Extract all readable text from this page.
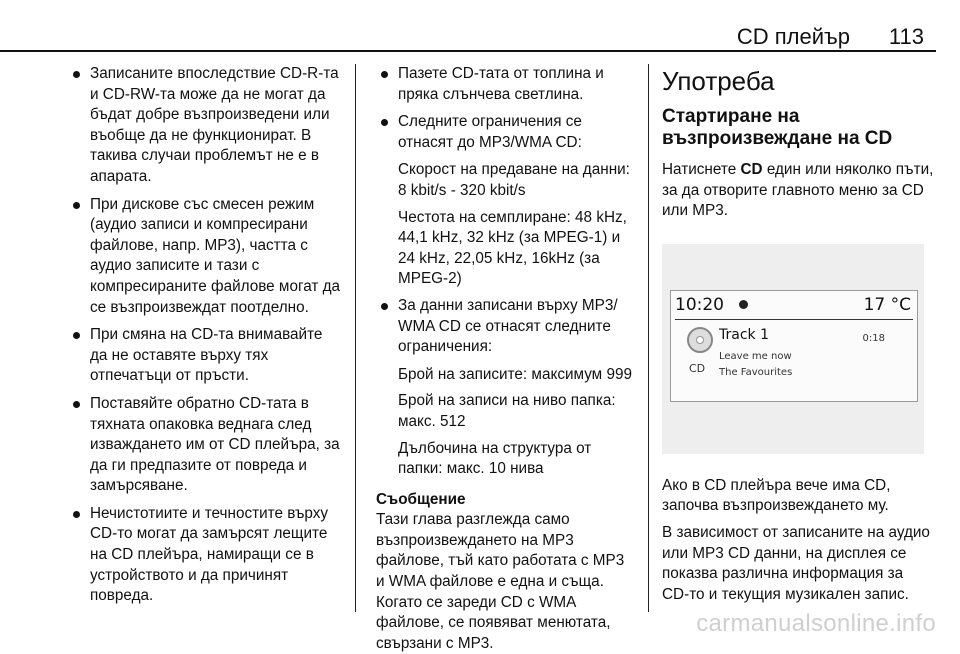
CD плейър 113

Записаните впоследствие CD-R-та и CD-RW-та може да не могат да бъдат добре възпроизведени или въобще да не функционират. В такива случаи проблемът не е в апарата.

При дискове със смесен режим (аудио записи и компресирани файлове, напр. MP3), частта с аудио записите и тази с компресираните файлове могат да се възпроизвеждат поотделно.

При смяна на CD-та внимавайте да не оставяте върху тях отпечатъци от пръсти.

Поставяйте обратно CD-тата в тяхната опаковка веднага след изваждането им от CD плейъра, за да ги предпазите от повреда и замърсяване.

Нечистотиите и течностите върху CD-то могат да замърсят лещите на CD плейъра, намиращи се в устройството и да причинят повреда.

Пазете CD-тата от топлина и пряка слънчева светлина.

Следните ограничения се отнасят до MP3/WMA CD:

Скорост на предаване на данни: 8 kbit/s - 320 kbit/s

Честота на семплиране: 48 kHz, 44,1 kHz, 32 kHz (за MPEG-1) и 24 kHz, 22,05 kHz, 16kHz (за MPEG-2)

За данни записани върху MP3/ WMA CD се отнасят следните ограничения:

Брой на записите: максимум 999

Брой на записи на ниво папка: макс. 512

Дълбочина на структура от папки: макс. 10 нива

Съобщение
Тази глава разглежда само възпроизвеждането на MP3 файлове, тъй като работата с MP3 и WMA файлове е една и съща. Когато се зареди CD с WMA файлове, се появяват менютата, свързани с MP3.
Употреба
Стартиране на възпроизвеждане на CD

Натиснете CD един или няколко пъти, за да отворите главното меню за CD или MP3.

10:20	17 °C
CD
Track 1	0:18
Leave me now
The Favourites

Ако в CD плейъра вече има CD, започва възпроизвеждането му.

В зависимост от записаните на аудио или MP3 CD данни, на дисплея се показва различна информация за CD-то и текущия музикален запис.

carmanualsonline.info
